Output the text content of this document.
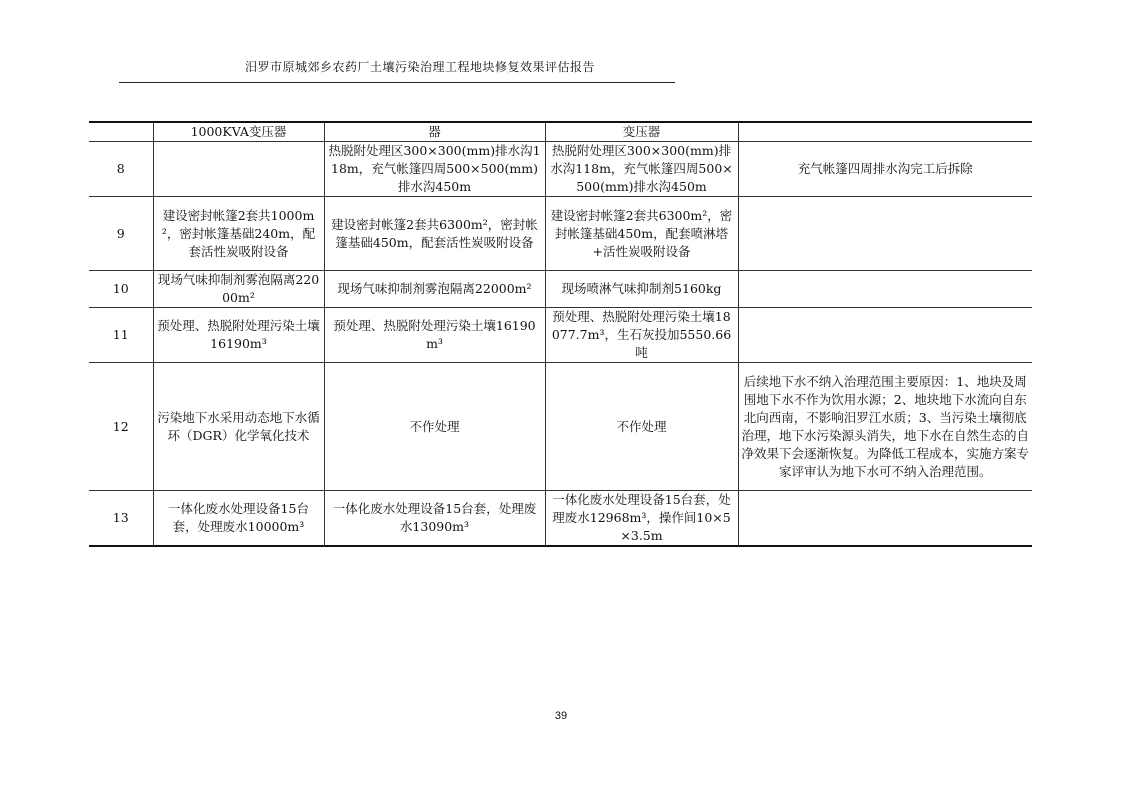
汨罗市原城郊乡农药厂土壤污染治理工程地块修复效果评估报告
	1000KVA变压器	器	变压器	
8		热脱附处理区300×300(mm)排水沟118m，充气帐篷四周500×500(mm)排水沟450m	热脱附处理区300×300(mm)排水沟118m，充气帐篷四周500×500(mm)排水沟450m	充气帐篷四周排水沟完工后拆除
9	建设密封帐篷2套共1000m²，密封帐篷基础240m，配套活性炭吸附设备	建设密封帐篷2套共6300m²，密封帐篷基础450m，配套活性炭吸附设备	建设密封帐篷2套共6300m²，密封帐篷基础450m，配套喷淋塔+活性炭吸附设备	
10	现场气味抑制剂雾泡隔离22000m²	现场气味抑制剂雾泡隔离22000m²	现场喷淋气味抑制剂5160kg	
11	预处理、热脱附处理污染土壤16190m³	预处理、热脱附处理污染土壤16190m³	预处理、热脱附处理污染土壤18077.7m³，生石灰投加5550.66吨	
12	污染地下水采用动态地下水循环（DGR）化学氧化技术	不作处理	不作处理	后续地下水不纳入治理范围主要原因：1、地块及周围地下水不作为饮用水源；2、地块地下水流向自东北向西南，不影响汨罗江水质；3、当污染土壤彻底治理，地下水污染源头消失，地下水在自然生态的自净效果下会逐渐恢复。为降低工程成本，实施方案专家评审认为地下水可不纳入治理范围。
13	一体化废水处理设备15台套，处理废水10000m³	一体化废水处理设备15台套，处理废水13090m³	一体化废水处理设备15台套，处理废水12968m³，操作间10×5×3.5m	
39
